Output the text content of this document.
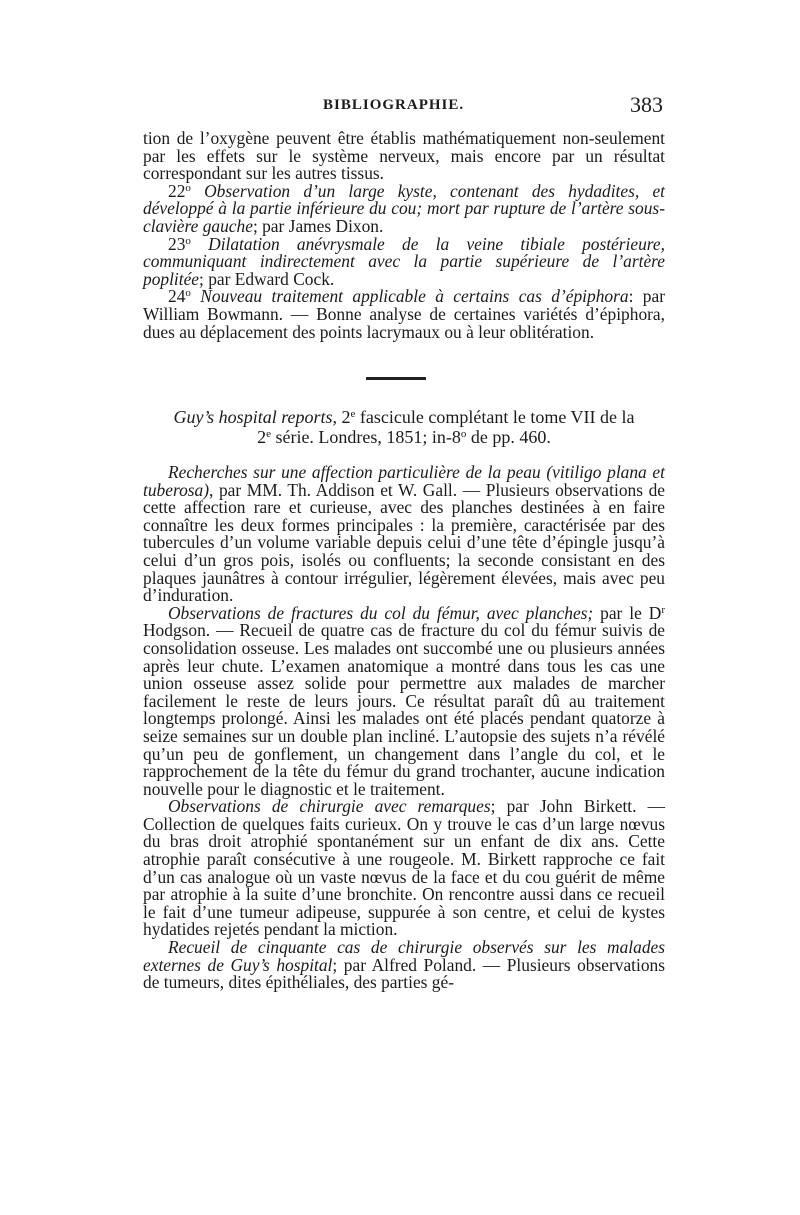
BIBLIOGRAPHIE.	383

tion de l’oxygène peuvent être établis mathématiquement non-seulement par les effets sur le système nerveux, mais encore par un résultat correspondant sur les autres tissus.

22$^o$ Observation d’un large kyste, contenant des hydadites, et développé à la partie inférieure du cou; mort par rupture de l’artère sous-clavière gauche; par James Dixon.

23$^o$ Dilatation anévrysmale de la veine tibiale postérieure, communiquant indirectement avec la partie supérieure de l’artère poplitée; par Edward Cock.

24$^o$ Nouveau traitement applicable à certains cas d’épiphora: par William Bowmann. — Bonne analyse de certaines variétés d’épiphora, dues au déplacement des points lacrymaux ou à leur oblitération.

Guy’s hospital reports, 2e fascicule complétant le tome VII de la
2e série. Londres, 1851; in-8$^o$ de pp. 460.

Recherches sur une affection particulière de la peau (vitiligo plana et tuberosa), par MM. Th. Addison et W. Gall. — Plusieurs observations de cette affection rare et curieuse, avec des planches destinées à en faire connaître les deux formes principales : la première, caractérisée par des tubercules d’un volume variable depuis celui d’une tête d’épingle jusqu’à celui d’un gros pois, isolés ou confluents; la seconde consistant en des plaques jaunâtres à contour irrégulier, légèrement élevées, mais avec peu d’induration.

Observations de fractures du col du fémur, avec planches; par le $D^r$ Hodgson. — Recueil de quatre cas de fracture du col du fémur suivis de consolidation osseuse. Les malades ont succombé une ou plusieurs années après leur chute. L’examen anatomique a montré dans tous les cas une union osseuse assez solide pour permettre aux malades de marcher facilement le reste de leurs jours. Ce résultat paraît dû au traitement longtemps prolongé. Ainsi les malades ont été placés pendant quatorze à seize semaines sur un double plan incliné. L’autopsie des sujets n’a révélé qu’un peu de gonflement, un changement dans l’angle du col, et le rapprochement de la tête du fémur du grand trochanter, aucune indication nouvelle pour le diagnostic et le traitement.

Observations de chirurgie avec remarques; par John Birkett. — Collection de quelques faits curieux. On y trouve le cas d’un large nœvus du bras droit atrophié spontanément sur un enfant de dix ans. Cette atrophie paraît consécutive à une rougeole. M. Birkett rapproche ce fait d’un cas analogue où un vaste nœvus de la face et du cou guérit de même par atrophie à la suite d’une bronchite. On rencontre aussi dans ce recueil le fait d’une tumeur adipeuse, suppurée à son centre, et celui de kystes hydatides rejetés pendant la miction.

Recueil de cinquante cas de chirurgie observés sur les malades externes de Guy’s hospital; par Alfred Poland. — Plusieurs observations de tumeurs, dites épithéliales, des parties gé-
